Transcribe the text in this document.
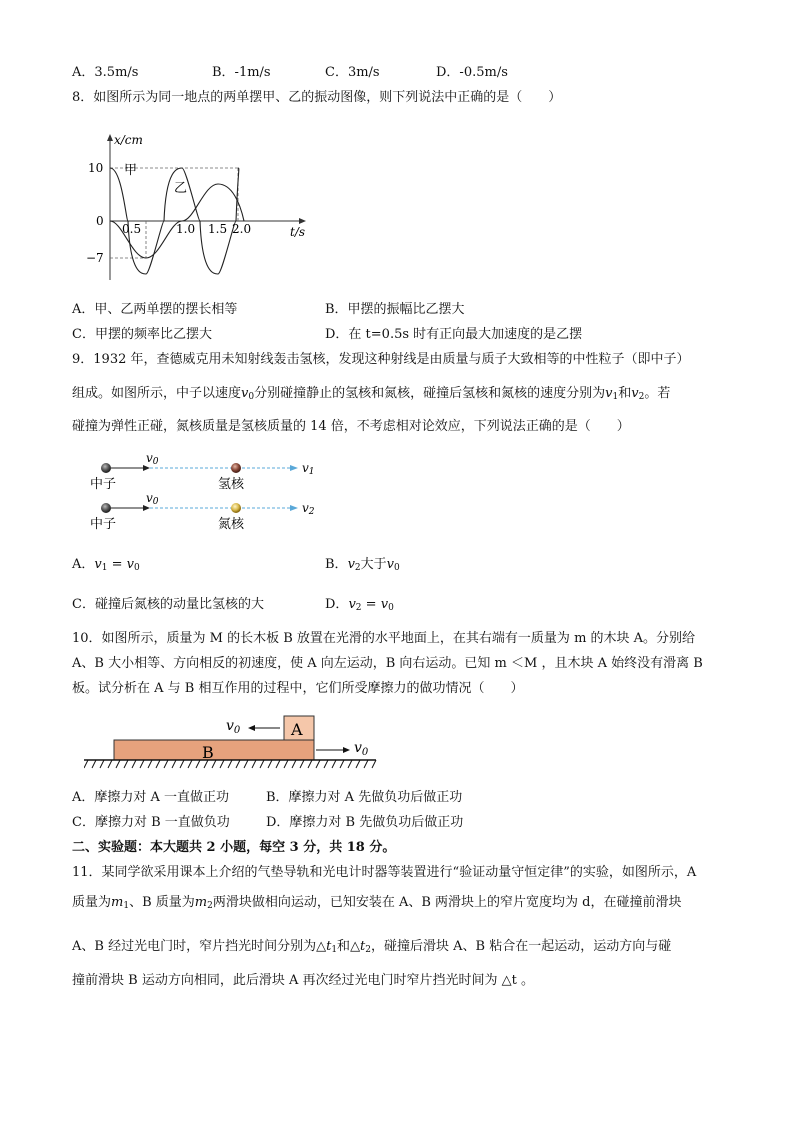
A．3.5m/s	B．-1m/s	C．3m/s	D．-0.5m/s
8．如图所示为同一地点的两单摆甲、乙的振动图像，则下列说法中正确的是（　　）
x/cm
10
0
−7
0.5	1.0 1.5 2.0	t/s
甲
乙
A．甲、乙两单摆的摆长相等	B．甲摆的振幅比乙摆大
C．甲摆的频率比乙摆大	D．在 t=0.5s 时有正向最大加速度的是乙摆
9．1932 年，查德威克用未知射线轰击氢核，发现这种射线是由质量与质子大致相等的中性粒子（即中子）
组成。如图所示，中子以速度$v_0$分别碰撞静止的氢核和氮核，碰撞后氢核和氮核的速度分别为$v_1$和$v_2$。若
碰撞为弹性正碰，氮核质量是氢核质量的 14 倍，不考虑相对论效应，下列说法正确的是（　　）
v0	v1
中子	氢核
v0	v2
中子	氮核
A．$v_1 = v_0$	B．$v_2$大于$v_0$
C．碰撞后氮核的动量比氢核的大	D．$v_2 = v_0$
10．如图所示，质量为 M 的长木板 B 放置在光滑的水平地面上，在其右端有一质量为 m 的木块 A。分别给
A、B 大小相等、方向相反的初速度，使 A 向左运动，B 向右运动。已知 m ＜M ，且木块 A 始终没有滑离 B
板。试分析在 A 与 B 相互作用的过程中，它们所受摩擦力的做功情况（　　）
A
B
$v_0$
$v_0$
A．摩擦力对 A 一直做正功	B．摩擦力对 A 先做负功后做正功
C．摩擦力对 B 一直做负功	D．摩擦力对 B 先做负功后做正功
二、实验题：本大题共 2 小题，每空 3 分，共 18 分。
11．某同学欲采用课本上介绍的气垫导轨和光电计时器等装置进行“验证动量守恒定律”的实验，如图所示，A
质量为$m_1$、B 质量为$m_2$两滑块做相向运动，已知安装在 A、B 两滑块上的窄片宽度均为 d，在碰撞前滑块
A、B 经过光电门时，窄片挡光时间分别为$\triangle t_1$和$\triangle t_2$，碰撞后滑块 A、B 粘合在一起运动，运动方向与碰
撞前滑块 B 运动方向相同，此后滑块 A 再次经过光电门时窄片挡光时间为 △t 。
